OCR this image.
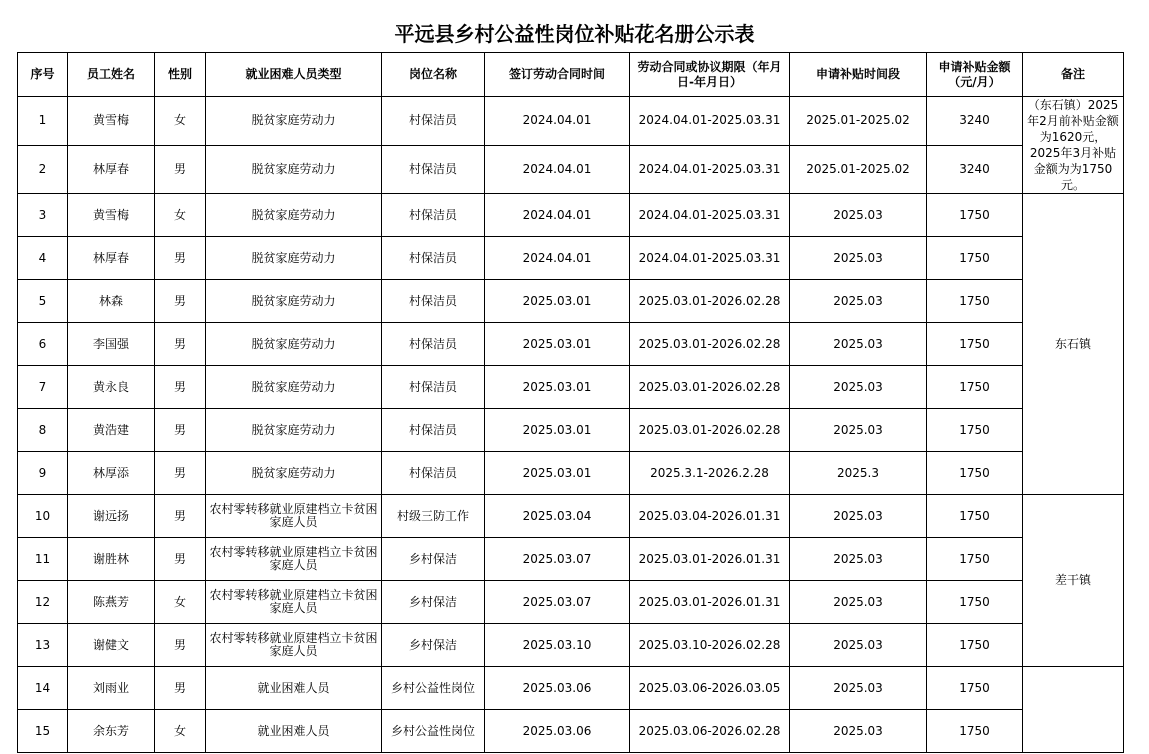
平远县乡村公益性岗位补贴花名册公示表
序号	员工姓名	性别	就业困难人员类型	岗位名称	签订劳动合同时间	劳动合同或协议期限（年月日-年月日）	申请补贴时间段	申请补贴金额（元/月）	备注
1	黄雪梅	女	脱贫家庭劳动力	村保洁员	2024.04.01	2024.04.01-2025.03.31	2025.01-2025.02	3240	（东石镇）2025年2月前补贴金额为1620元，2025年3月补贴金额为为1750元。
2	林厚春	男	脱贫家庭劳动力	村保洁员	2024.04.01	2024.04.01-2025.03.31	2025.01-2025.02	3240	
3	黄雪梅	女	脱贫家庭劳动力	村保洁员	2024.04.01	2024.04.01-2025.03.31	2025.03	1750	东石镇
4	林厚春	男	脱贫家庭劳动力	村保洁员	2024.04.01	2024.04.01-2025.03.31	2025.03	1750	
5	林森	男	脱贫家庭劳动力	村保洁员	2025.03.01	2025.03.01-2026.02.28	2025.03	1750	
6	李国强	男	脱贫家庭劳动力	村保洁员	2025.03.01	2025.03.01-2026.02.28	2025.03	1750	
7	黄永良	男	脱贫家庭劳动力	村保洁员	2025.03.01	2025.03.01-2026.02.28	2025.03	1750	
8	黄浩建	男	脱贫家庭劳动力	村保洁员	2025.03.01	2025.03.01-2026.02.28	2025.03	1750	
9	林厚添	男	脱贫家庭劳动力	村保洁员	2025.03.01	2025.3.1-2026.2.28	2025.3	1750	
10	谢远扬	男	农村零转移就业原建档立卡贫困家庭人员	村级三防工作	2025.03.04	2025.03.04-2026.01.31	2025.03	1750	差干镇
11	谢胜林	男	农村零转移就业原建档立卡贫困家庭人员	乡村保洁	2025.03.07	2025.03.01-2026.01.31	2025.03	1750	
12	陈燕芳	女	农村零转移就业原建档立卡贫困家庭人员	乡村保洁	2025.03.07	2025.03.01-2026.01.31	2025.03	1750	
13	谢健文	男	农村零转移就业原建档立卡贫困家庭人员	乡村保洁	2025.03.10	2025.03.10-2026.02.28	2025.03	1750	
14	刘雨业	男	就业困难人员	乡村公益性岗位	2025.03.06	2025.03.06-2026.03.05	2025.03	1750	
15	余东芳	女	就业困难人员	乡村公益性岗位	2025.03.06	2025.03.06-2026.02.28	2025.03	1750	
